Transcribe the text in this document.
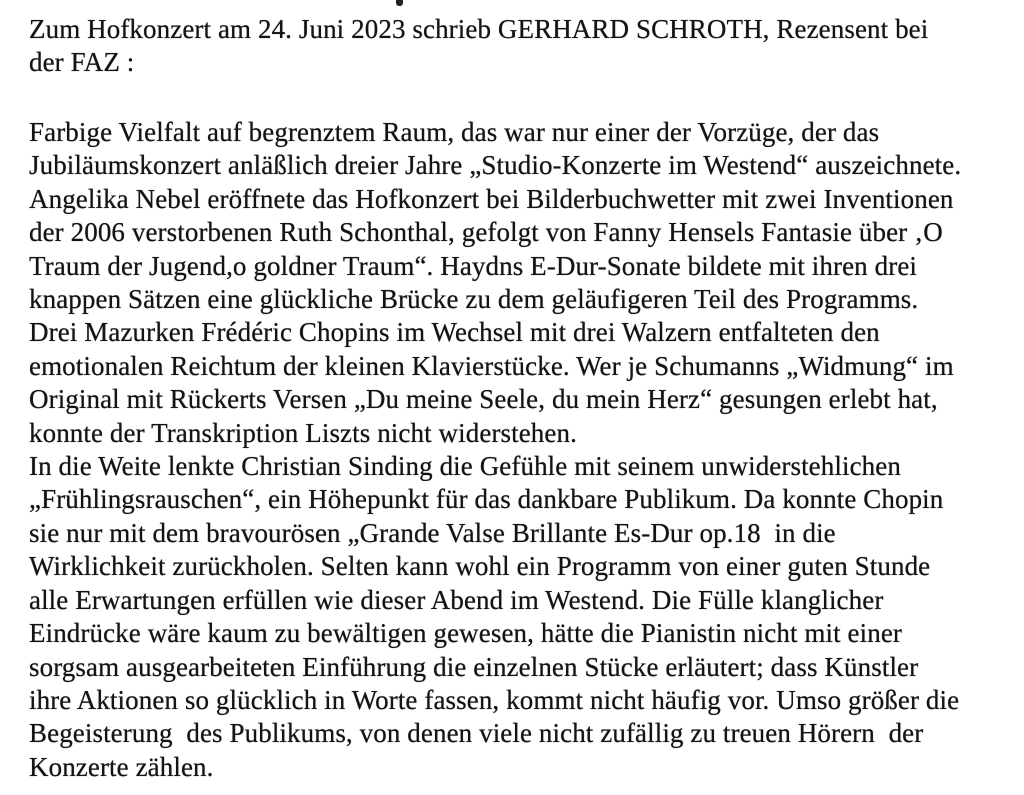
Zum Hofkonzert am 24. Juni 2023 schrieb GERHARD SCHROTH, Rezensent bei
der FAZ :
Farbige Vielfalt auf begrenztem Raum, das war nur einer der Vorzüge, der das
Jubiläumskonzert anläßlich dreier Jahre „Studio-Konzerte im Westend“ auszeichnete.
Angelika Nebel eröffnete das Hofkonzert bei Bilderbuchwetter mit zwei Inventionen
der 2006 verstorbenen Ruth Schonthal, gefolgt von Fanny Hensels Fantasie über ‚O
Traum der Jugend,o goldner Traum“. Haydns E-Dur-Sonate bildete mit ihren drei
knappen Sätzen eine glückliche Brücke zu dem geläufigeren Teil des Programms.
Drei Mazurken Frédéric Chopins im Wechsel mit drei Walzern entfalteten den
emotionalen Reichtum der kleinen Klavierstücke. Wer je Schumanns „Widmung“ im
Original mit Rückerts Versen „Du meine Seele, du mein Herz“ gesungen erlebt hat,
konnte der Transkription Liszts nicht widerstehen.
In die Weite lenkte Christian Sinding die Gefühle mit seinem unwiderstehlichen
„Frühlingsrauschen“, ein Höhepunkt für das dankbare Publikum. Da konnte Chopin
sie nur mit dem bravourösen „Grande Valse Brillante Es-Dur op.18  in die
Wirklichkeit zurückholen. Selten kann wohl ein Programm von einer guten Stunde
alle Erwartungen erfüllen wie dieser Abend im Westend. Die Fülle klanglicher
Eindrücke wäre kaum zu bewältigen gewesen, hätte die Pianistin nicht mit einer
sorgsam ausgearbeiteten Einführung die einzelnen Stücke erläutert; dass Künstler
ihre Aktionen so glücklich in Worte fassen, kommt nicht häufig vor. Umso größer die
Begeisterung  des Publikums, von denen viele nicht zufällig zu treuen Hörern  der
Konzerte zählen.
